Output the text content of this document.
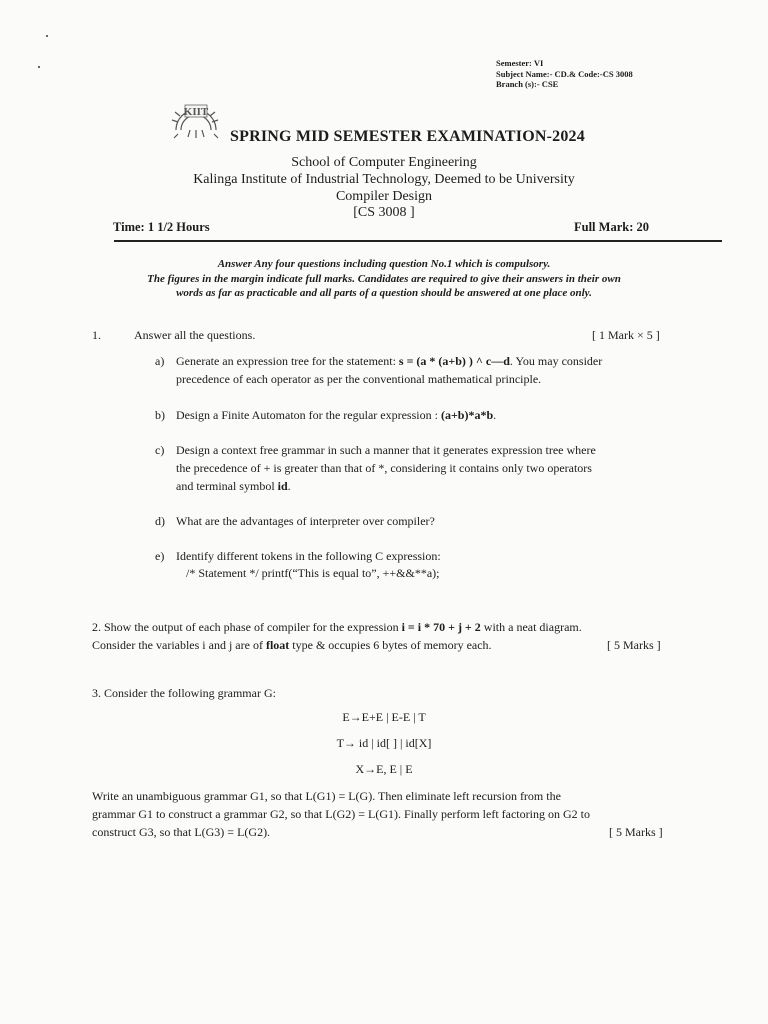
Semester: VI
Subject Name:- CD.& Code:-CS 3008
Branch (s):- CSE
KIIT
SPRING MID SEMESTER EXAMINATION-2024
School of Computer Engineering
Kalinga Institute of Industrial Technology, Deemed to be University
Compiler Design
[CS 3008 ]
Time: 1 1/2 Hours	Full Mark: 20
Answer Any four questions including question No.1 which is compulsory.
The figures in the margin indicate full marks. Candidates are required to give their answers in their own
words as far as practicable and all parts of a question should be answered at one place only.
1.	Answer all the questions.	[ 1 Mark × 5 ]
a) Generate an expression tree for the statement: s = (a * (a+b) ) ^ c—d. You may consider
precedence of each operator as per the conventional mathematical principle.
b) Design a Finite Automaton for the regular expression : (a+b)*a*b.
c) Design a context free grammar in such a manner that it generates expression tree where
the precedence of + is greater than that of *, considering it contains only two operators
and terminal symbol id.
d) What are the advantages of interpreter over compiler?
e) Identify different tokens in the following C expression:
/* Statement */ printf(“This is equal to”, ++&&**a);
2. Show the output of each phase of compiler for the expression i = i * 70 + j + 2 with a neat diagram.
Consider the variables i and j are of float type & occupies 6 bytes of memory each.	[ 5 Marks ]
3. Consider the following grammar G:
E→E+E | E-E | T
T→ id | id[ ] | id[X]
X→E, E | E
Write an unambiguous grammar G1, so that L(G1) = L(G). Then eliminate left recursion from the
grammar G1 to construct a grammar G2, so that L(G2) = L(G1). Finally perform left factoring on G2 to
construct G3, so that L(G3) = L(G2).	[ 5 Marks ]
